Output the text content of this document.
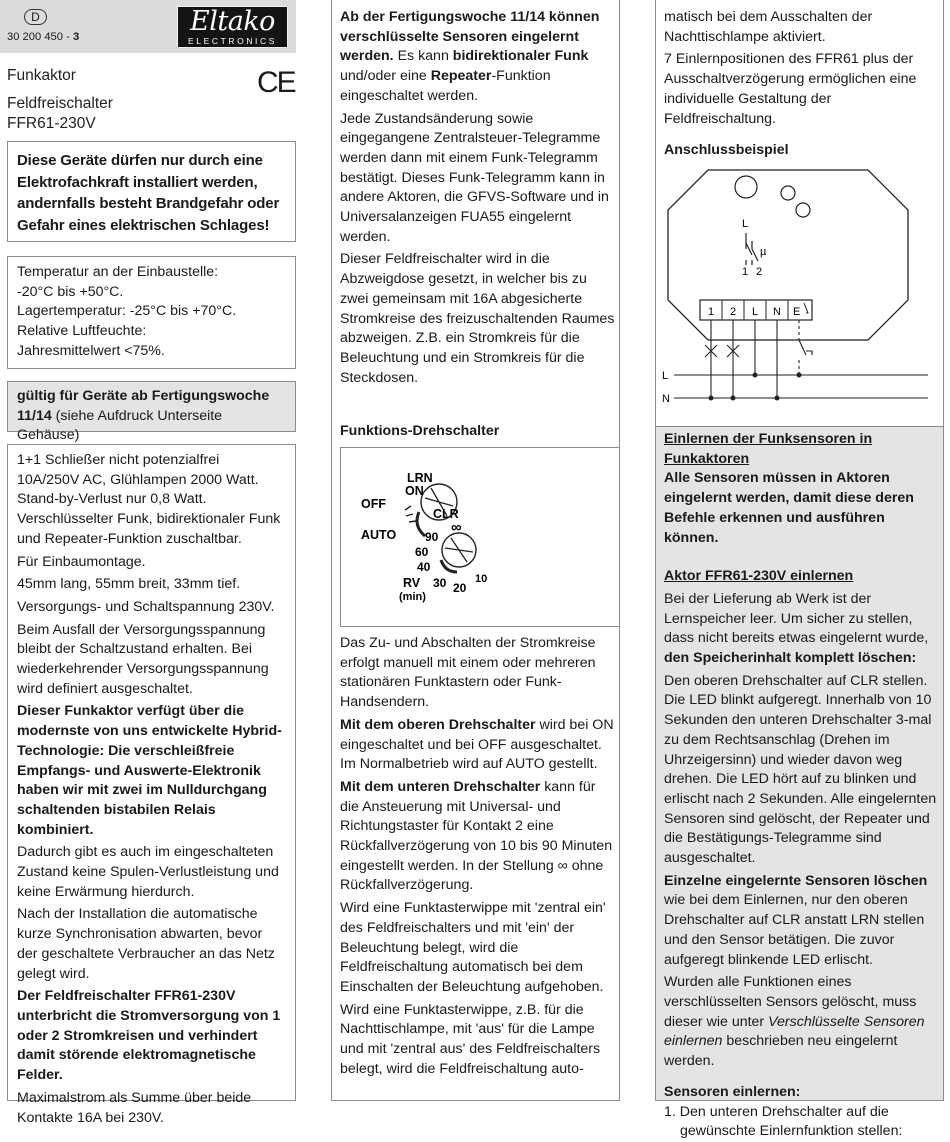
D
30 200 450 - 3	Eltako
ELECTRONICS
Funkaktor
Feldfreischalter
FFR61-230V
CE

Diese Geräte dürfen nur durch eine Elektrofachkraft installiert werden, andernfalls besteht Brandgefahr oder Gefahr eines elektrischen Schlages!

Temperatur an der Einbaustelle:
-20°C bis +50°C.
Lagertemperatur: -25°C bis +70°C.
Relative Luftfeuchte:
Jahresmittelwert <75%.

gültig für Geräte ab Fertigungswoche 11/14 (siehe Aufdruck Unterseite Gehäuse)

1+1 Schließer nicht potenzialfrei
10A/250V AC, Glühlampen 2000 Watt.
Stand-by-Verlust nur 0,8 Watt.
Verschlüsselter Funk, bidirektionaler Funk
und Repeater-Funktion zuschaltbar.

Für Einbaumontage.

45mm lang, 55mm breit, 33mm tief.

Versorgungs- und Schaltspannung 230V.

Beim Ausfall der Versorgungsspannung bleibt der Schaltzustand erhalten. Bei wiederkehrender Versorgungsspannung wird definiert ausgeschaltet.

Dieser Funkaktor verfügt über die modernste von uns entwickelte Hybrid-Technologie: Die verschleißfreie Empfangs- und Auswerte-Elektronik haben wir mit zwei im Nulldurchgang schaltenden bistabilen Relais kombiniert.

Dadurch gibt es auch im eingeschalteten Zustand keine Spulen-Verlustleistung und keine Erwärmung hierdurch.

Nach der Installation die automatische kurze Synchronisation abwarten, bevor der geschaltete Verbraucher an das Netz gelegt wird.

Der Feldfreischalter FFR61-230V unterbricht die Stromversorgung von 1 oder 2 Stromkreisen und verhindert damit störende elektromagnetische Felder.

Maximalstrom als Summe über beide Kontakte 16A bei 230V.

Ab der Fertigungswoche 11/14 können verschlüsselte Sensoren eingelernt werden. Es kann bidirektionaler Funk und/oder eine Repeater-Funktion eingeschaltet werden.

Jede Zustandsänderung sowie eingegangene Zentralsteuer-Telegramme werden dann mit einem Funk-Telegramm bestätigt. Dieses Funk-Telegramm kann in andere Aktoren, die GFVS-Software und in Universalanzeigen FUA55 eingelernt werden.

Dieser Feldfreischalter wird in die Abzweigdose gesetzt, in welcher bis zu zwei gemeinsam mit 16A abgesicherte Stromkreise des freizuschaltenden Raumes abzweigen. Z.B. ein Stromkreis für die Beleuchtung und ein Stromkreis für die Steckdosen.

Funktions-Drehschalter
ON
OFF
LRN
CLR
AUTO	∞
90
60
40
30 20
10
RV
(min)

Das Zu- und Abschalten der Stromkreise erfolgt manuell mit einem oder mehreren stationären Funktastern oder Funk-Handsendern.

Mit dem oberen Drehschalter wird bei ON eingeschaltet und bei OFF ausgeschaltet. Im Normalbetrieb wird auf AUTO gestellt.

Mit dem unteren Drehschalter kann für die Ansteuerung mit Universal- und Richtungstaster für Kontakt 2 eine Rückfallverzögerung von 10 bis 90 Minuten eingestellt werden. In der Stellung ∞ ohne Rückfallverzögerung.

Wird eine Funktasterwippe mit 'zentral ein' des Feldfreischalters und mit 'ein' der Beleuchtung belegt, wird die Feldfreischaltung automatisch bei dem Einschalten der Beleuchtung aufgehoben.

Wird eine Funktasterwippe, z.B. für die Nachttischlampe, mit 'aus' für die Lampe und mit 'zentral aus' des Feldfreischalters belegt, wird die Feldfreischaltung auto-

matisch bei dem Ausschalten der Nachttischlampe aktiviert.

7 Einlernpositionen des FFR61 plus der Ausschaltverzögerung ermöglichen eine individuelle Gestaltung der Feldfreischaltung.

Anschlussbeispiel

L
µ
1 2
1 2 L N E
L
N

Einlernen der Funksensoren in Funkaktoren

Alle Sensoren müssen in Aktoren eingelernt werden, damit diese deren Befehle erkennen und ausführen können.

Aktor FFR61-230V einlernen

Bei der Lieferung ab Werk ist der Lernspeicher leer. Um sicher zu stellen, dass nicht bereits etwas eingelernt wurde, den Speicherinhalt komplett löschen:

Den oberen Drehschalter auf CLR stellen. Die LED blinkt aufgeregt. Innerhalb von 10 Sekunden den unteren Drehschalter 3-mal zu dem Rechtsanschlag (Drehen im Uhrzeigersinn) und wieder davon weg drehen. Die LED hört auf zu blinken und erlischt nach 2 Sekunden. Alle eingelernten Sensoren sind gelöscht, der Repeater und die Bestätigungs-Telegramme sind ausgeschaltet.

Einzelne eingelernte Sensoren löschen

wie bei dem Einlernen, nur den oberen Drehschalter auf CLR anstatt LRN stellen und den Sensor betätigen. Die zuvor aufgeregt blinkende LED erlischt.

Wurden alle Funktionen eines verschlüsselten Sensors gelöscht, muss dieser wie unter Verschlüsselte Sensoren einlernen beschrieben neu eingelernt werden.

Sensoren einlernen:

1. Den unteren Drehschalter auf die gewünschte Einlernfunktion stellen:
